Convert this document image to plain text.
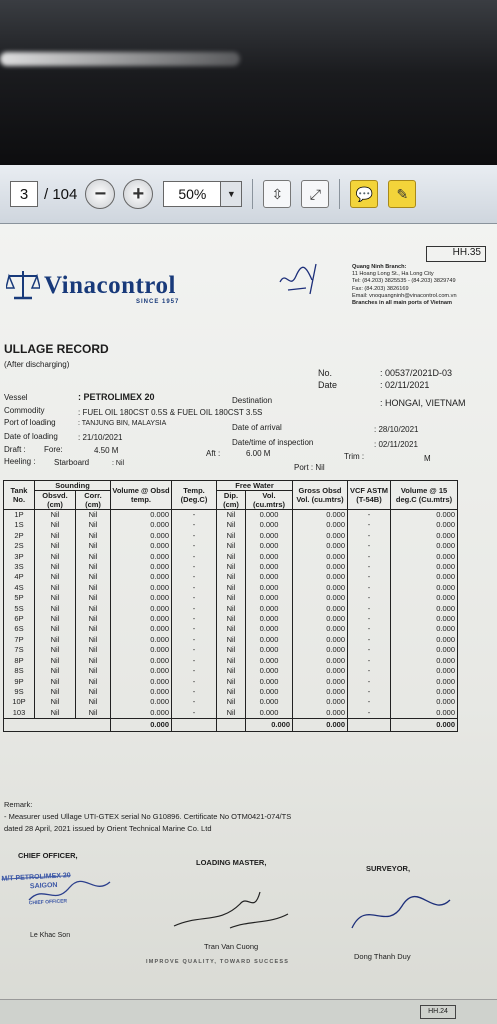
3	/ 104 −	+	50%	▼	⇳ ⤢ 💬 ✎
HH.35
Vinacontrol
SINCE 1957
Quang Ninh Branch:
11 Hoang Long St., Ha Long City
Tel: (84.203) 3825535 - (84.203) 3829749
Fax: (84.203) 3826169
Email: vnoquangninh@vinacontrol.com.vn
Branches in all main ports of Vietnam
ULLAGE RECORD
(After discharging)
No.	: 00537/2021D-03
Date	: 02/11/2021
Vessel	: PETROLIMEX 20	Destination	: HONGAI, VIETNAM
Commodity	: FUEL OIL 180CST 0.5S & FUEL OIL 180CST 3.5S
Port of loading	: TANJUNG BIN, MALAYSIA	Date of arrival	: 28/10/2021
Date of loading	: 21/10/2021
Date/time of inspection	: 02/11/2021
Draft : Fore:	4.50 M	Aft :	6.00 M	Trim :	M
Heeling : Starboard	: Nil	Port : Nil
Tank No.	Sounding		Volume @ Obsd temp.	Temp. (Deg.C)	Free Water		Gross Obsd Vol. (cu.mtrs)	VCF ASTM (T-54B)	Volume @ 15 deg.C (Cu.mtrs)
	Obsvd. (cm)	Corr. (cm)			Dip. (cm)	Vol. (cu.mtrs)			
1P	Nil	Nil	0.000	-	Nil	0.000	0.000	-	0.000
1S	Nil	Nil	0.000	-	Nil	0.000	0.000	-	0.000
2P	Nil	Nil	0.000	-	Nil	0.000	0.000	-	0.000
2S	Nil	Nil	0.000	-	Nil	0.000	0.000	-	0.000
3P	Nil	Nil	0.000	-	Nil	0.000	0.000	-	0.000
3S	Nil	Nil	0.000	-	Nil	0.000	0.000	-	0.000
4P	Nil	Nil	0.000	-	Nil	0.000	0.000	-	0.000
4S	Nil	Nil	0.000	-	Nil	0.000	0.000	-	0.000
5P	Nil	Nil	0.000	-	Nil	0.000	0.000	-	0.000
5S	Nil	Nil	0.000	-	Nil	0.000	0.000	-	0.000
6P	Nil	Nil	0.000	-	Nil	0.000	0.000	-	0.000
6S	Nil	Nil	0.000	-	Nil	0.000	0.000	-	0.000
7P	Nil	Nil	0.000	-	Nil	0.000	0.000	-	0.000
7S	Nil	Nil	0.000	-	Nil	0.000	0.000	-	0.000
8P	Nil	Nil	0.000	-	Nil	0.000	0.000	-	0.000
8S	Nil	Nil	0.000	-	Nil	0.000	0.000	-	0.000
9P	Nil	Nil	0.000	-	Nil	0.000	0.000	-	0.000
9S	Nil	Nil	0.000	-	Nil	0.000	0.000	-	0.000
10P	Nil	Nil	0.000	-	Nil	0.000	0.000	-	0.000
103	Nil	Nil	0.000	-	Nil	0.000	0.000	-	0.000
			0.000			0.000	0.000		0.000
Remark:
- Measurer used Ullage UTI-GTEX serial No G10896. Certificate No OTM0421-074/TS
dated 28 April, 2021 issued by Orient Technical Marine Co. Ltd
CHIEF OFFICER,
LOADING MASTER,
SURVEYOR,
M/T PETROLIMEX 20
SAIGON
CHIEF OFFICER
Le Khac Son
Tran Van Cuong
Dong Thanh Duy
IMPROVE QUALITY, TOWARD SUCCESS
HH.24
